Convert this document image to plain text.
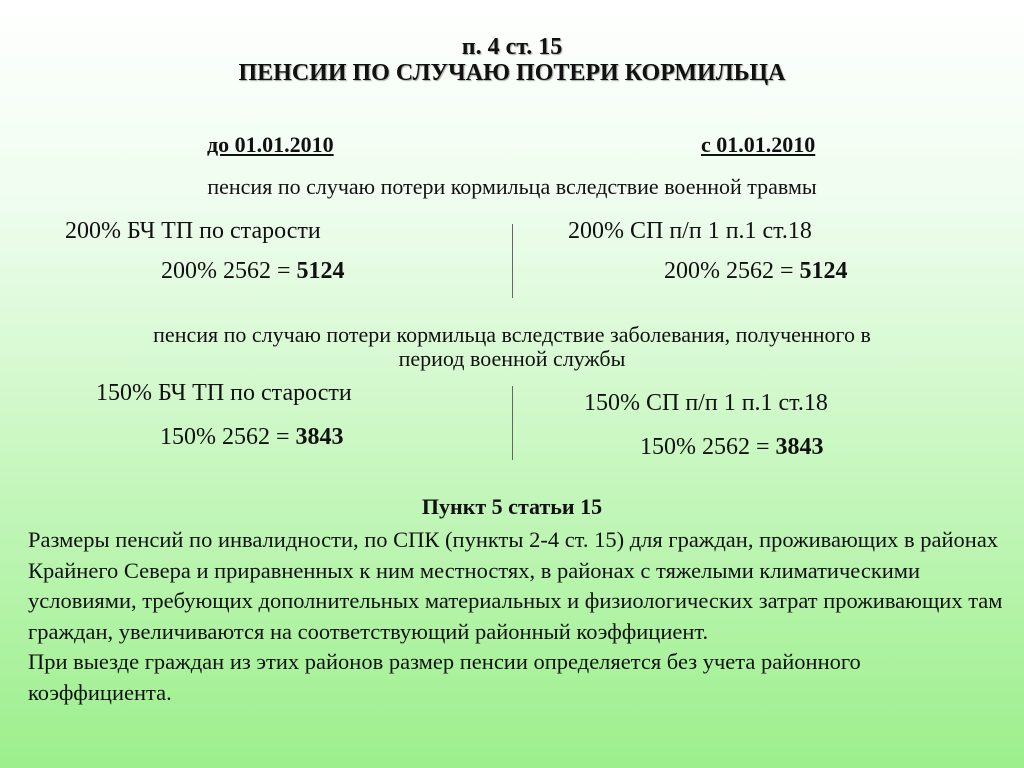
п. 4 ст. 15
ПЕНСИИ ПО СЛУЧАЮ ПОТЕРИ КОРМИЛЬЦА
до 01.01.2010	с 01.01.2010
пенсия по случаю потери кормильца вследствие военной травмы
200% БЧ ТП по старости
200% 2562 = 5124
200% СП п/п 1 п.1 ст.18
200% 2562 = 5124
пенсия по случаю потери кормильца вследствие заболевания, полученного в
период военной службы
150% БЧ ТП по старости
150% 2562 = 3843
150% СП п/п 1 п.1 ст.18
150% 2562 = 3843
Пункт 5 статьи 15

Размеры пенсий по инвалидности, по СПК (пункты 2-4 ст. 15) для граждан, проживающих в районах Крайнего Севера и приравненных к ним местностях, в районах с тяжелыми климатическими условиями, требующих дополнительных материальных и физиологических затрат проживающих там граждан, увеличиваются на соответствующий районный коэффициент.

При выезде граждан из этих районов размер пенсии определяется без учета районного коэффициента.
